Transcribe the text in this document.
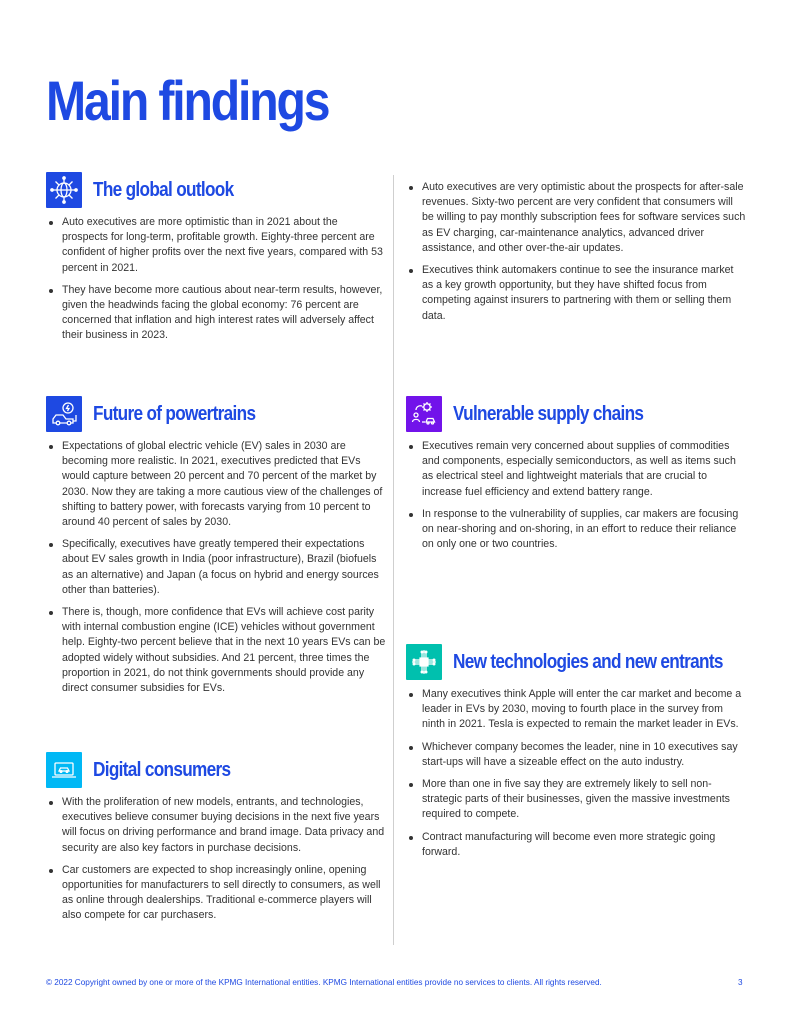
Main findings
The global outlook
Auto executives are more optimistic than in 2021 about the prospects for long-term, profitable growth. Eighty-three percent are confident of higher profits over the next five years, compared with 53 percent in 2021.
They have become more cautious about near-term results, however, given the headwinds facing the global economy: 76 percent are concerned that inflation and high interest rates will adversely affect their business in 2023.
Future of powertrains
Expectations of global electric vehicle (EV) sales in 2030 are becoming more realistic. In 2021, executives predicted that EVs would capture between 20 percent and 70 percent of the market by 2030. Now they are taking a more cautious view of the challenges of shifting to battery power, with forecasts varying from 10 percent to around 40 percent of sales by 2030.
Specifically, executives have greatly tempered their expectations about EV sales growth in India (poor infrastructure), Brazil (biofuels as an alternative) and Japan (a focus on hybrid and energy sources other than batteries).
There is, though, more confidence that EVs will achieve cost parity with internal combustion engine (ICE) vehicles without government help. Eighty-two percent believe that in the next 10 years EVs can be adopted widely without subsidies. And 21 percent, three times the proportion in 2021, do not think governments should provide any direct consumer subsidies for EVs.
Digital consumers
With the proliferation of new models, entrants, and technologies, executives believe consumer buying decisions in the next five years will focus on driving performance and brand image. Data privacy and security are also key factors in purchase decisions.
Car customers are expected to shop increasingly online, opening opportunities for manufacturers to sell directly to consumers, as well as online through dealerships. Traditional e-commerce players will also compete for car purchasers.
Auto executives are very optimistic about the prospects for after-sale revenues. Sixty-two percent are very confident that consumers will be willing to pay monthly subscription fees for software services such as EV charging, car-maintenance analytics, advanced driver assistance, and other over-the-air updates.
Executives think automakers continue to see the insurance market as a key growth opportunity, but they have shifted focus from competing against insurers to partnering with them or selling them data.
Vulnerable supply chains
Executives remain very concerned about supplies of commodities and components, especially semiconductors, as well as items such as electrical steel and lightweight materials that are crucial to increase fuel efficiency and extend battery range.
In response to the vulnerability of supplies, car makers are focusing on near-shoring and on-shoring, in an effort to reduce their reliance on only one or two countries.
New technologies and new entrants
Many executives think Apple will enter the car market and become a leader in EVs by 2030, moving to fourth place in the survey from ninth in 2021. Tesla is expected to remain the market leader in EVs.
Whichever company becomes the leader, nine in 10 executives say start-ups will have a sizeable effect on the auto industry.
More than one in five say they are extremely likely to sell non-strategic parts of their businesses, given the massive investments required to compete.
Contract manufacturing will become even more strategic going forward.
© 2022 Copyright owned by one or more of the KPMG International entities. KPMG International entities provide no services to clients. All rights reserved.	3
